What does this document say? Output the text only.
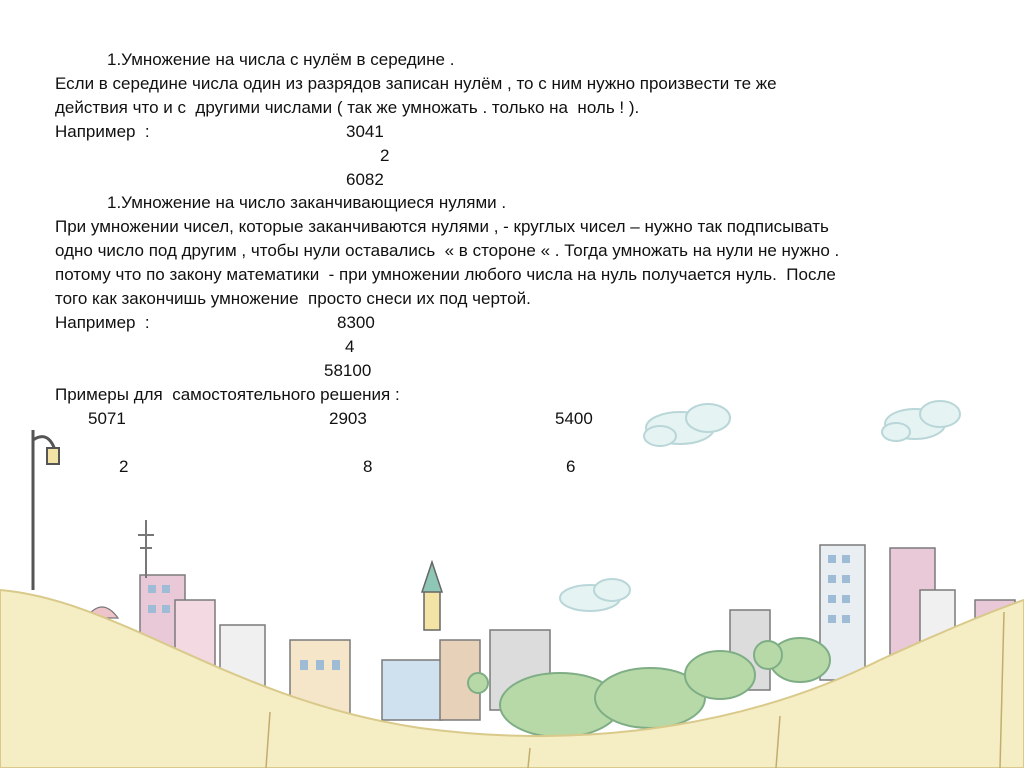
1.Умножение на числа с нулём в середине .

Если в середине числа один из разрядов записан нулём , то с ним нужно произвести те же

действия что и с  другими числами ( так же умножать . только на  ноль ! ).

Например  :	3041

2

6082

1.Умножение на число заканчивающиеся нулями .

При умножении чисел, которые заканчиваются нулями , - круглых чисел – нужно так подписывать

одно число под другим , чтобы нули оставались  « в стороне « . Тогда умножать на нули не нужно .

потому что по закону математики  - при умножении любого числа на нуль получается нуль.  После

того как закончишь умножение  просто снеси их под чертой.

Например  :	8300

4

58100

Примеры для  самостоятельного решения :

5071	2903	5400

2	8	6
